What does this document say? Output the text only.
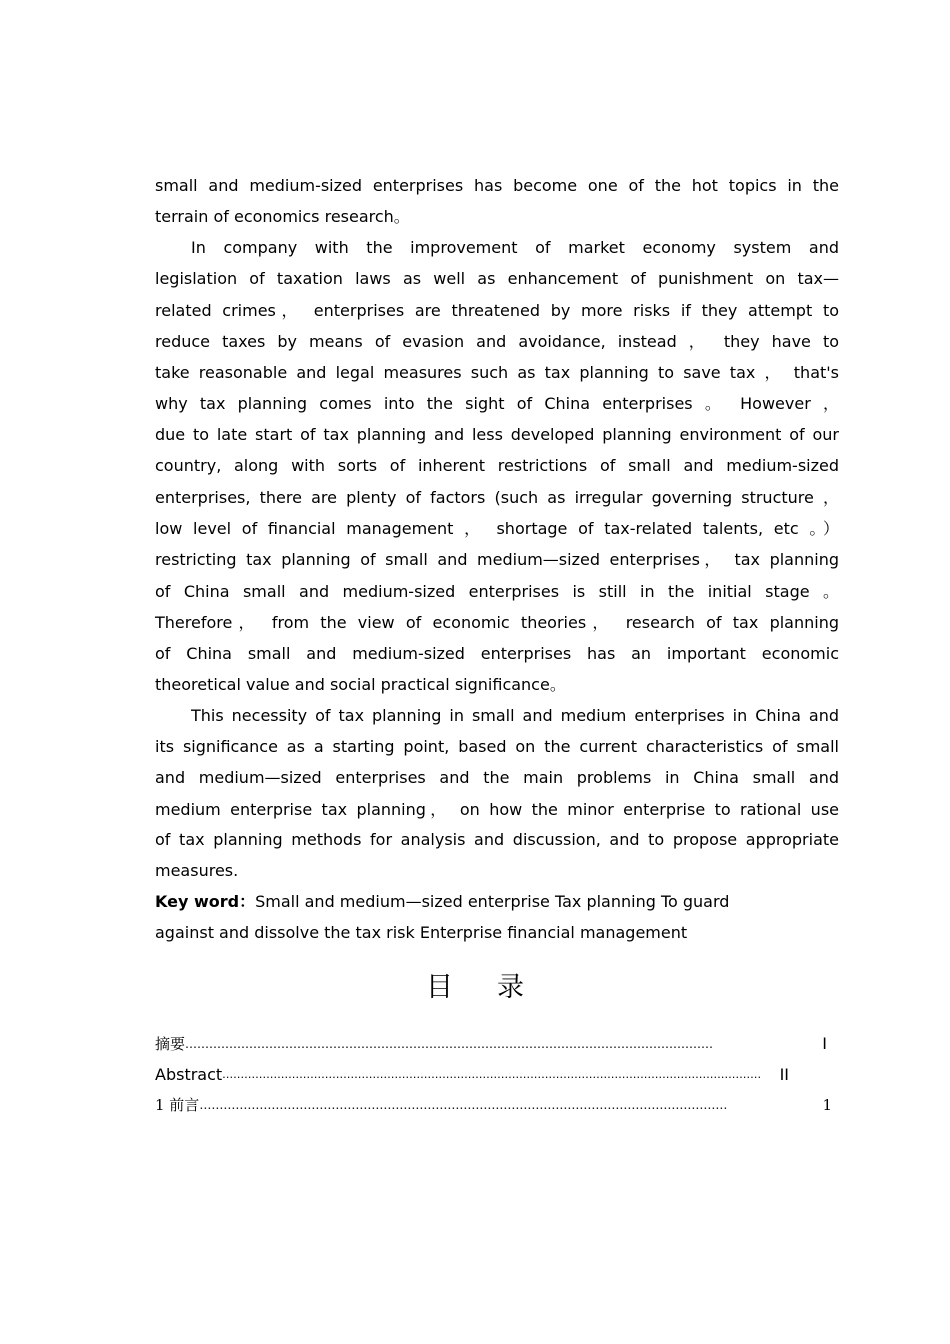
small and medium-sized enterprises has become one of the hot topics in the
terrain of economics research。
In company with the improvement of market economy system and
legislation of taxation laws as well as enhancement of punishment on tax—
related crimes， enterprises are threatened by more risks if they attempt to
reduce taxes by means of evasion and avoidance, instead ， they have to
take reasonable and legal measures such as tax planning to save tax ， that's
why tax planning comes into the sight of China enterprises 。 However ，
due to late start of tax planning and less developed planning environment of our
country, along with sorts of inherent restrictions of small and medium-sized
enterprises, there are plenty of factors (such as irregular governing structure ，
low level of financial management ， shortage of tax-related talents, etc 。）
restricting tax planning of small and medium—sized enterprises， tax planning
of China small and medium-sized enterprises is still in the initial stage 。
Therefore， from the view of economic theories， research of tax planning
of China small and medium-sized enterprises has an important economic
theoretical value and social practical significance。
This necessity of tax planning in small and medium enterprises in China and
its significance as a starting point, based on the current characteristics of small
and medium—sized enterprises and the main problems in China small and
medium enterprise tax planning， on how the minor enterprise to rational use
of tax planning methods for analysis and discussion, and to propose appropriate
measures.
Key word：Small and medium—sized enterprise Tax planning To guard
against and dissolve the tax risk Enterprise financial management
目录
摘要 ……………………………………………………………………………………………………………………	I
Abstract …………………………………………………………………………………………………………………………………	II
1 前言 ……………………………………………………………………………………………………………………	1
